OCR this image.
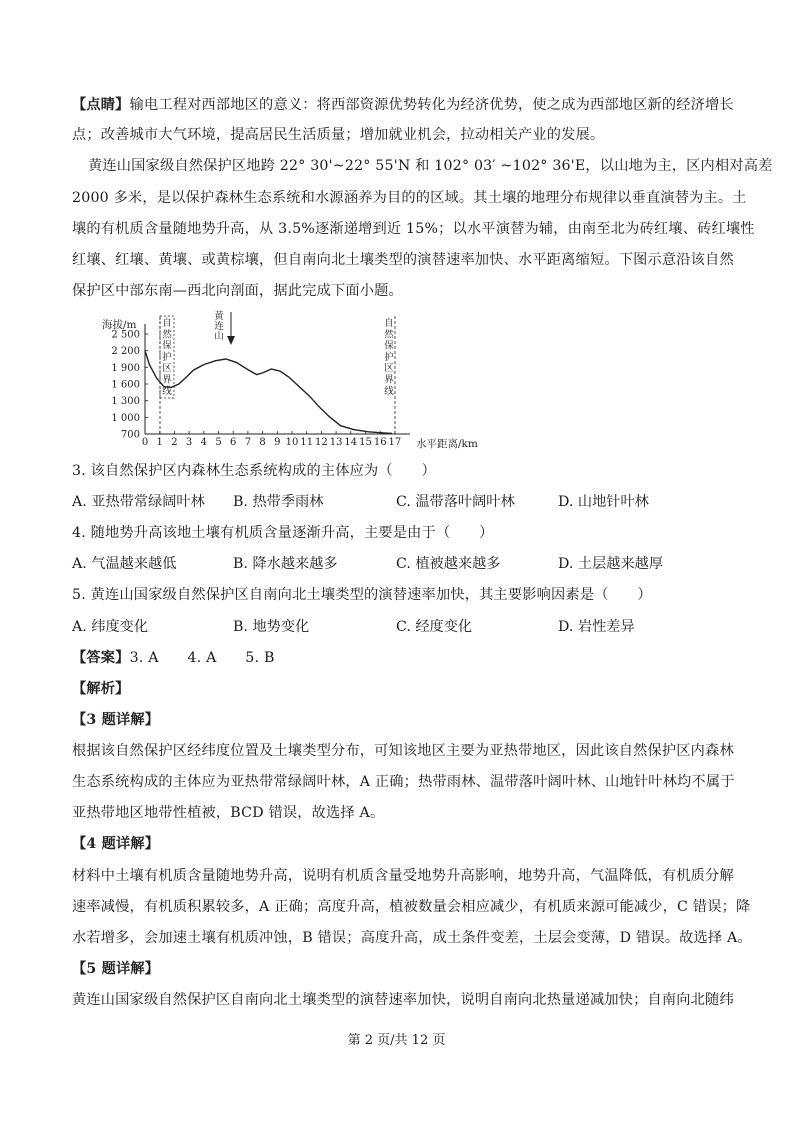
【点睛】输电工程对西部地区的意义：将西部资源优势转化为经济优势，使之成为西部地区新的经济增长
点；改善城市大气环境，提高居民生活质量；增加就业机会，拉动相关产业的发展。
黄连山国家级自然保护区地跨 22° 30'~22° 55'N 和 102° 03′ ~102° 36'E，以山地为主，区内相对高差
2000 多米，是以保护森林生态系统和水源涵养为目的的区域。其土壤的地理分布规律以垂直演替为主。土
壤的有机质含量随地势升高，从 3.5%逐渐递增到近 15%；以水平演替为辅，由南至北为砖红壤、砖红壤性
红壤、红壤、黄壤、或黄棕壤，但自南向北土壤类型的演替速率加快、水平距离缩短。下图示意沿该自然
保护区中部东南—西北向剖面，据此完成下面小题。
海拔/m
2 500
2 200
1 900
1 600
1 300
1 000
700
0 1 2 3 4 5 6 7 8 9 10 11 12 13 14 15 16 17 水平距离/km
自然保护区界线
黄连山
自然保护区界线
3. 该自然保护区内森林生态系统构成的主体应为（　　）
A. 亚热带常绿阔叶林 B. 热带季雨林	C. 温带落叶阔叶林	D. 山地针叶林
4. 随地势升高该地土壤有机质含量逐渐升高，主要是由于（　　）
A. 气温越来越低	B. 降水越来越多	C. 植被越来越多	D. 土层越来越厚
5. 黄连山国家级自然保护区自南向北土壤类型的演替速率加快，其主要影响因素是（　　）
A. 纬度变化	B. 地势变化	C. 经度变化	D. 岩性差异
【答案】3. A　　4. A　　5. B
【解析】
【3 题详解】
根据该自然保护区经纬度位置及土壤类型分布，可知该地区主要为亚热带地区，因此该自然保护区内森林
生态系统构成的主体应为亚热带常绿阔叶林，A 正确；热带雨林、温带落叶阔叶林、山地针叶林均不属于
亚热带地区地带性植被，BCD 错误，故选择 A。
【4 题详解】
材料中土壤有机质含量随地势升高，说明有机质含量受地势升高影响，地势升高，气温降低，有机质分解
速率减慢，有机质积累较多，A 正确；高度升高，植被数量会相应减少，有机质来源可能减少，C 错误；降
水若增多，会加速土壤有机质冲蚀，B 错误；高度升高，成土条件变差，土层会变薄，D 错误。故选择 A。
【5 题详解】
黄连山国家级自然保护区自南向北土壤类型的演替速率加快，说明自南向北热量递减加快；自南向北随纬
第 2 页/共 12 页
